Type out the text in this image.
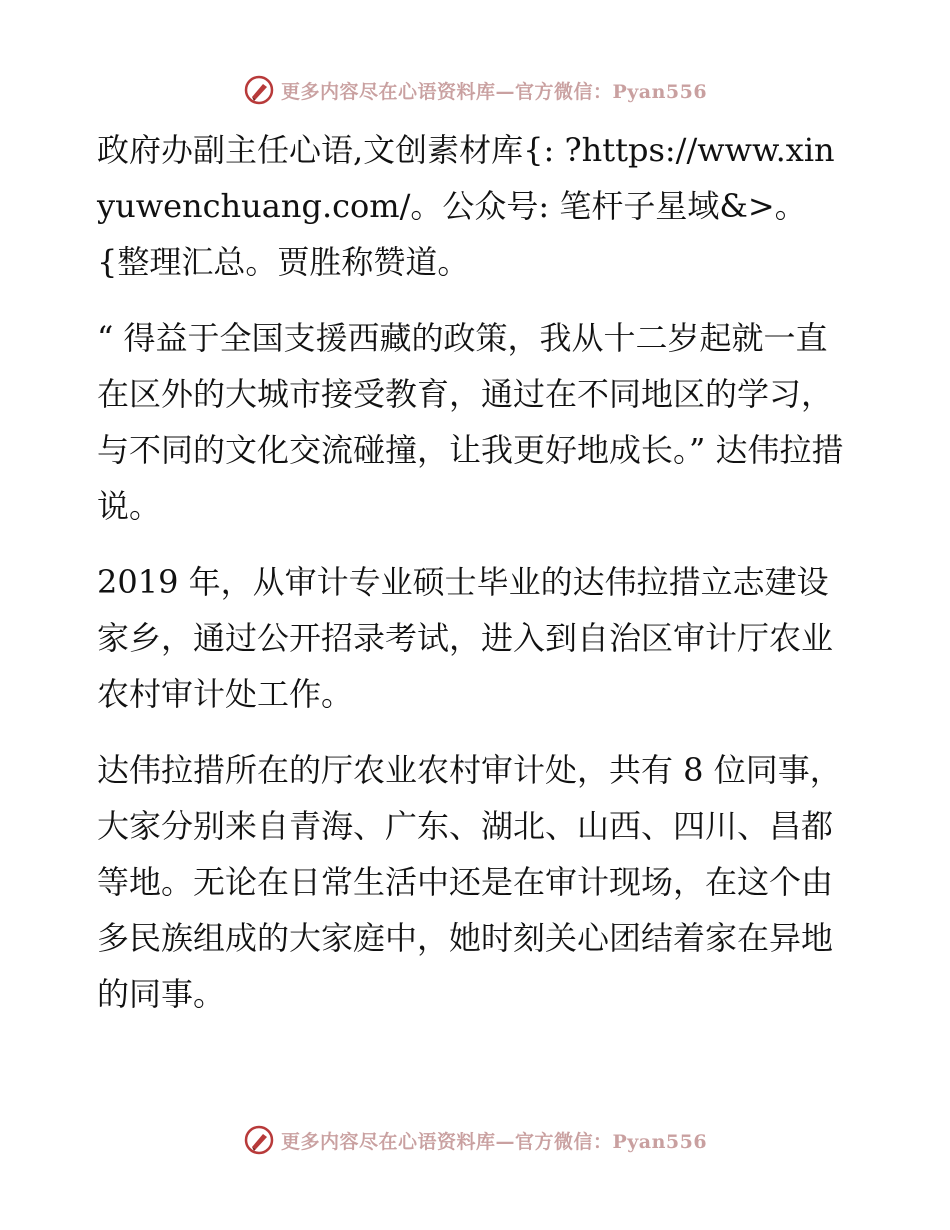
更多内容尽在心语资料库—官方微信：Pyan556

政府办副主任心语,文创素材库{: ?https://www.xinyuwenchuang.com/。公众号: 笔杆子星域&>。{整理汇总。贾胜称赞道。

“ 得益于全国支援西藏的政策，我从十二岁起就一直在区外的大城市接受教育，通过在不同地区的学习，与不同的文化交流碰撞，让我更好地成长。” 达伟拉措说。

2019 年，从审计专业硕士毕业的达伟拉措立志建设家乡，通过公开招录考试，进入到自治区审计厅农业农村审计处工作。

达伟拉措所在的厅农业农村审计处，共有 8 位同事，大家分别来自青海、广东、湖北、山西、四川、昌都等地。无论在日常生活中还是在审计现场，在这个由多民族组成的大家庭中，她时刻关心团结着家在异地的同事。

更多内容尽在心语资料库—官方微信：Pyan556
